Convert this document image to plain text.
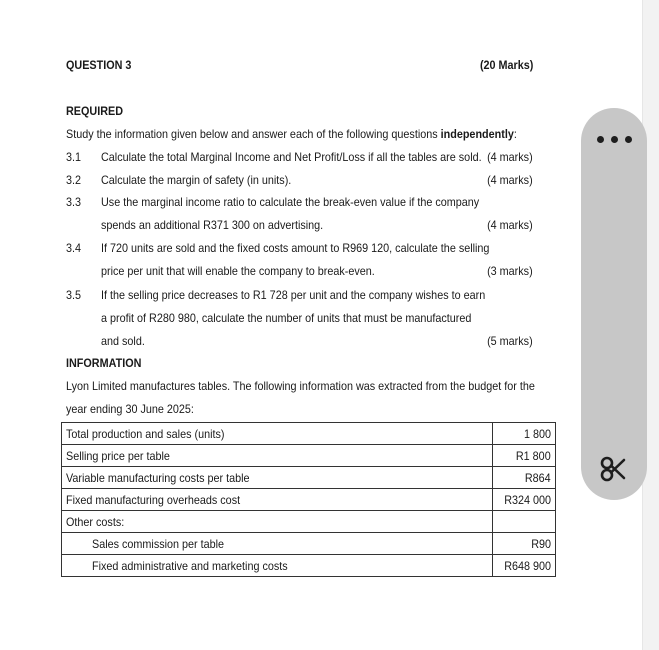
QUESTION 3	(20 Marks)
REQUIRED
Study the information given below and answer each of the following questions independently:
3.1 Calculate the total Marginal Income and Net Profit/Loss if all the tables are sold. (4 marks)
3.2 Calculate the margin of safety (in units).	(4 marks)
3.3 Use the marginal income ratio to calculate the break-even value if the company
spends an additional R371 300 on advertising.	(4 marks)
3.4 If 720 units are sold and the fixed costs amount to R969 120, calculate the selling
price per unit that will enable the company to break-even.	(3 marks)
3.5 If the selling price decreases to R1 728 per unit and the company wishes to earn
a profit of R280 980, calculate the number of units that must be manufactured
and sold.	(5 marks)
INFORMATION
Lyon Limited manufactures tables. The following information was extracted from the budget for the
year ending 30 June 2025:
Total production and sales (units)	1 800
Selling price per table	R1 800
Variable manufacturing costs per table	R864
Fixed manufacturing overheads cost	R324 000
Other costs:	
Sales commission per table	R90
Fixed administrative and marketing costs	R648 900
